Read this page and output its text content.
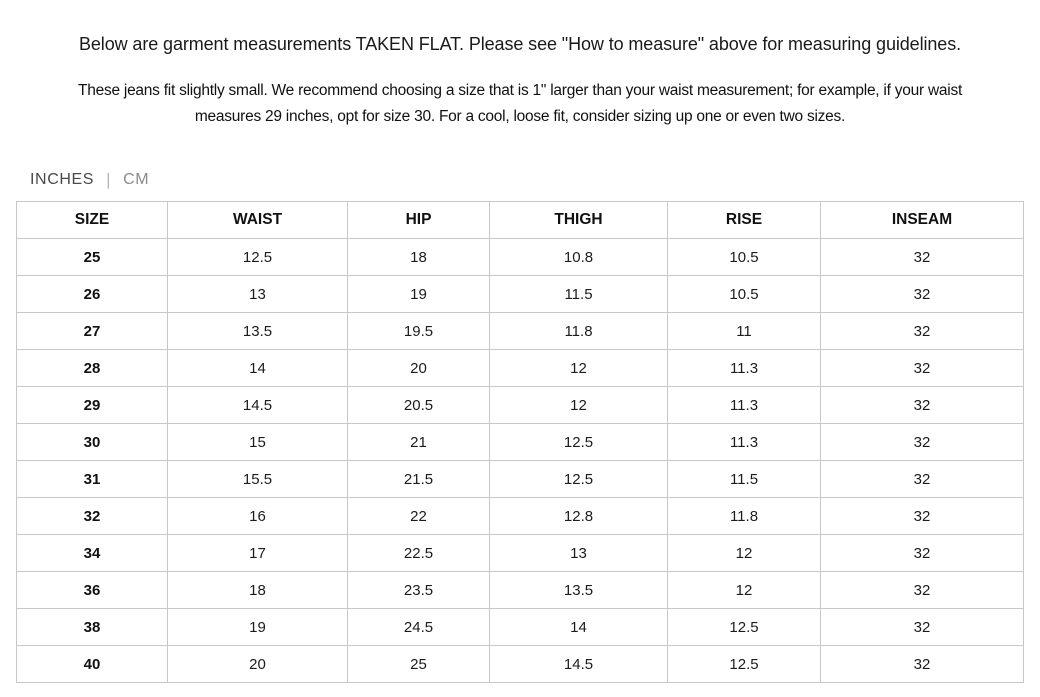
Below are garment measurements TAKEN FLAT. Please see "How to measure" above for measuring guidelines.
These jeans fit slightly small. We recommend choosing a size that is 1" larger than your waist measurement; for example, if your waist
measures 29 inches, opt for size 30. For a cool, loose fit, consider sizing up one or even two sizes.
INCHES | CM
SIZE	WAIST	HIP	THIGH	RISE	INSEAM
25	12.5	18	10.8	10.5	32
26	13	19	11.5	10.5	32
27	13.5	19.5	11.8	11	32
28	14	20	12	11.3	32
29	14.5	20.5	12	11.3	32
30	15	21	12.5	11.3	32
31	15.5	21.5	12.5	11.5	32
32	16	22	12.8	11.8	32
34	17	22.5	13	12	32
36	18	23.5	13.5	12	32
38	19	24.5	14	12.5	32
40	20	25	14.5	12.5	32
